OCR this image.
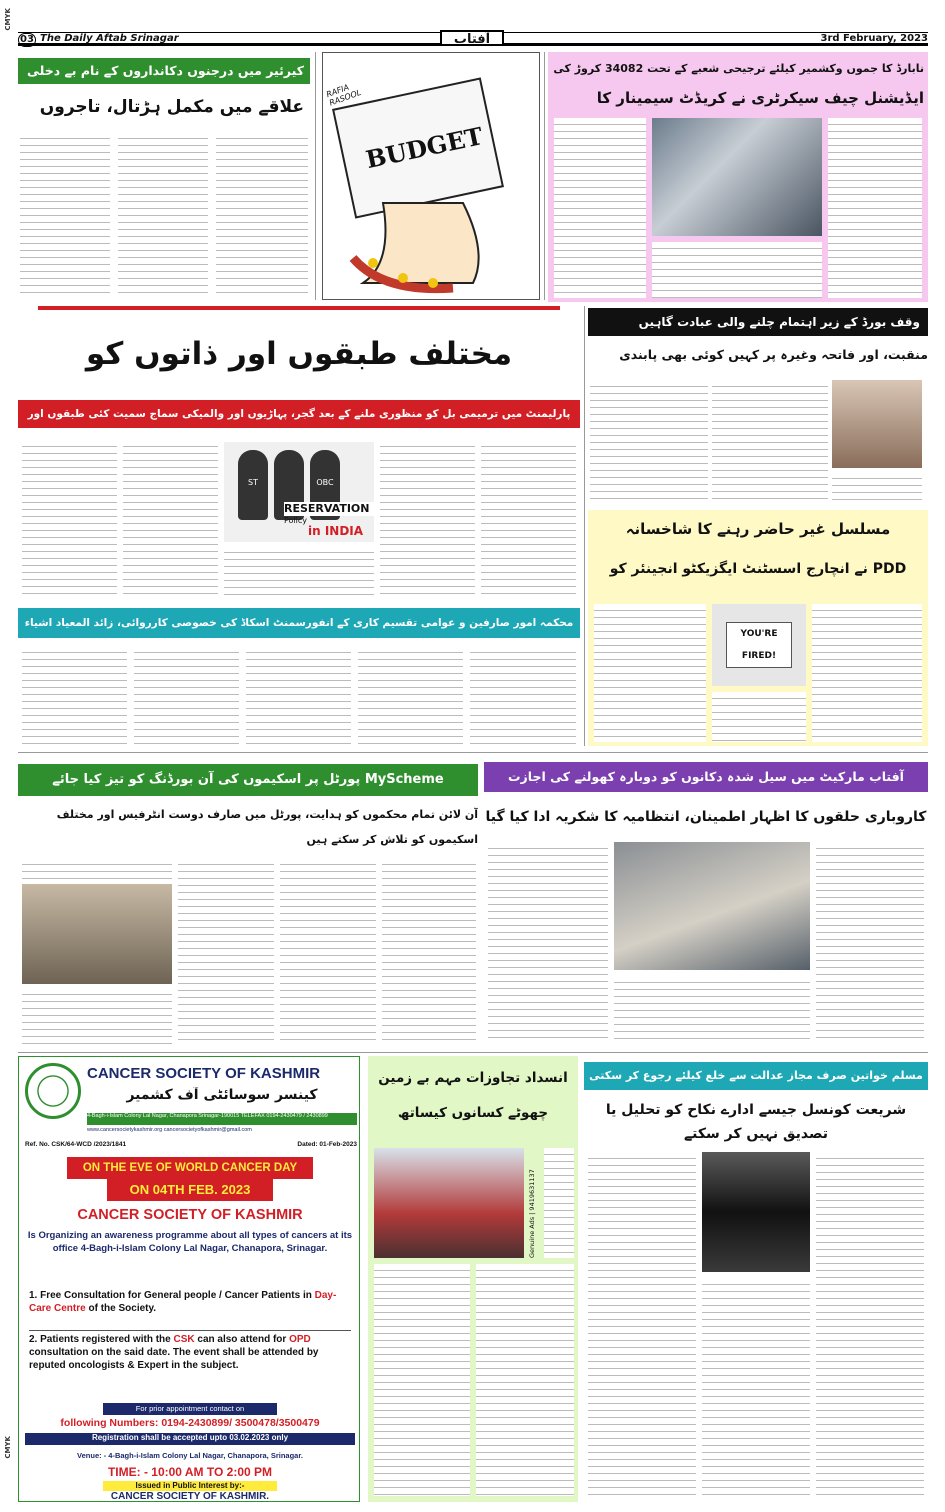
CMYK
03 The Daily Aftab Srinagar	آفتاب	3rd February, 2023
کیرئیر میں درجنوں دکانداروں کے نام بے دخلی
علاقے میں مکمل ہڑتال، تاجروں
BUDGET
RAFIA RASOOL
نابارڈ کا جموں وکشمیر کیلئے ترجیحی شعبے کے تحت 34082 کروڑ کی
ایڈیشنل چیف سیکرٹری نے کریڈٹ سیمینار کا
مختلف طبقوں اور ذاتوں کو
پارلیمنٹ میں ترمیمی بل کو منظوری ملنے کے بعد گجر، پہاڑیوں اور والمیکی سماج سمیت کئی طبقوں اور
ST	OBC
RESERVATION
Policy
in INDIA
وقف بورڈ کے زیر اہتمام چلنے والی عبادت گاہیں
منقبت، اور فاتحہ وغیرہ پر کہیں کوئی بھی پابندی
مسلسل غیر حاضر رہنے کا شاخسانہ
PDD نے انچارج اسسٹنٹ ایگزیکٹو انجینئر کو
YOU'RE FIRED!
محکمہ امور صارفین و عوامی تقسیم کاری کے انفورسمنٹ اسکاڈ کی خصوصی کارروائی، زائد المعیاد اشیاء
MyScheme پورٹل پر اسکیموں کی آن بورڈنگ کو تیز کیا جائے
آن لائن تمام محکموں کو ہدایت، پورٹل میں صارف دوست انٹرفیس اور مختلف اسکیموں کو تلاش کر سکتے ہیں
آفتاب مارکیٹ میں سیل شدہ دکانوں کو دوبارہ کھولنے کی اجازت
کاروباری حلقوں کا اظہار اطمینان، انتظامیہ کا شکریہ ادا کیا گیا
CANCER SOCIETY OF KASHMIR
کینسر سوسائٹی آف کشمیر
4-Bagh-i-Islam Colony Lal Nagar, Chanapora Srinagar-190015 TELEFAX 0194-2430479 / 2430899
www.cancersocietykashmir.org cancersocietyofkashmir@gmail.com
Ref. No. CSK/64-WCD /2023/1841	Dated: 01-Feb-2023
ON THE EVE OF WORLD CANCER DAY
ON 04TH FEB. 2023
CANCER SOCIETY OF KASHMIR
Is Organizing an awareness programme about all types of cancers at its office 4-Bagh-i-Islam Colony Lal Nagar, Chanapora, Srinagar.
1. Free Consultation for General people / Cancer Patients in Day-Care Centre of the Society.
2. Patients registered with the CSK can also attend for OPD consultation on the said date. The event shall be attended by reputed oncologists & Expert in the subject.
For prior appointment contact on
following Numbers: 0194-2430899/ 3500478/3500479
Registration shall be accepted upto 03.02.2023 only
Venue: - 4-Bagh-i-Islam Colony Lal Nagar, Chanapora, Srinagar.
TIME: - 10:00 AM TO 2:00 PM
Issued in Public Interest by:-
CANCER SOCIETY OF KASHMIR.
CMYK
انسداد تجاوزات مہم بے زمین
چھوٹے کسانوں کیساتھ
Genuine Ads | 9419631137
مسلم خواتین صرف مجاز عدالت سے خلع کیلئے رجوع کر سکتی
شریعت کونسل جیسے ادارے نکاح کو تحلیل یا تصدیق نہیں کر سکتے
